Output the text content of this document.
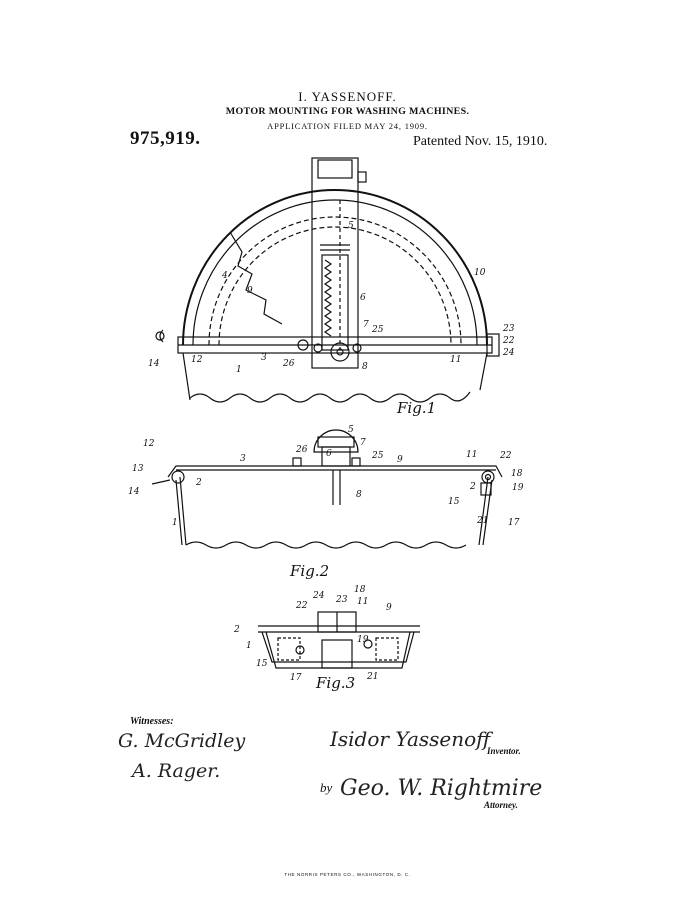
I. YASSENOFF.
MOTOR MOUNTING FOR WASHING MACHINES.
APPLICATION FILED MAY 24, 1909.
975,919.	Patented Nov. 15, 1910.
5
6
7 25
10
4
9
23
22
24
14	12	3
26	8
1
11
Fig.1
5
7
12
26
3	6	25 9	11	22
13	18
2	2	19
14	8
15
1	21 17
Fig.2
24
18
23
22	11
9
2
1
19
15
17	21
Fig.3
Witnesses:
G. McGridley
A. Rager.
Isidor Yassenoff
Inventor.
by Geo. W. Rightmire
Attorney.
THE NORRIS PETERS CO., WASHINGTON, D. C.
